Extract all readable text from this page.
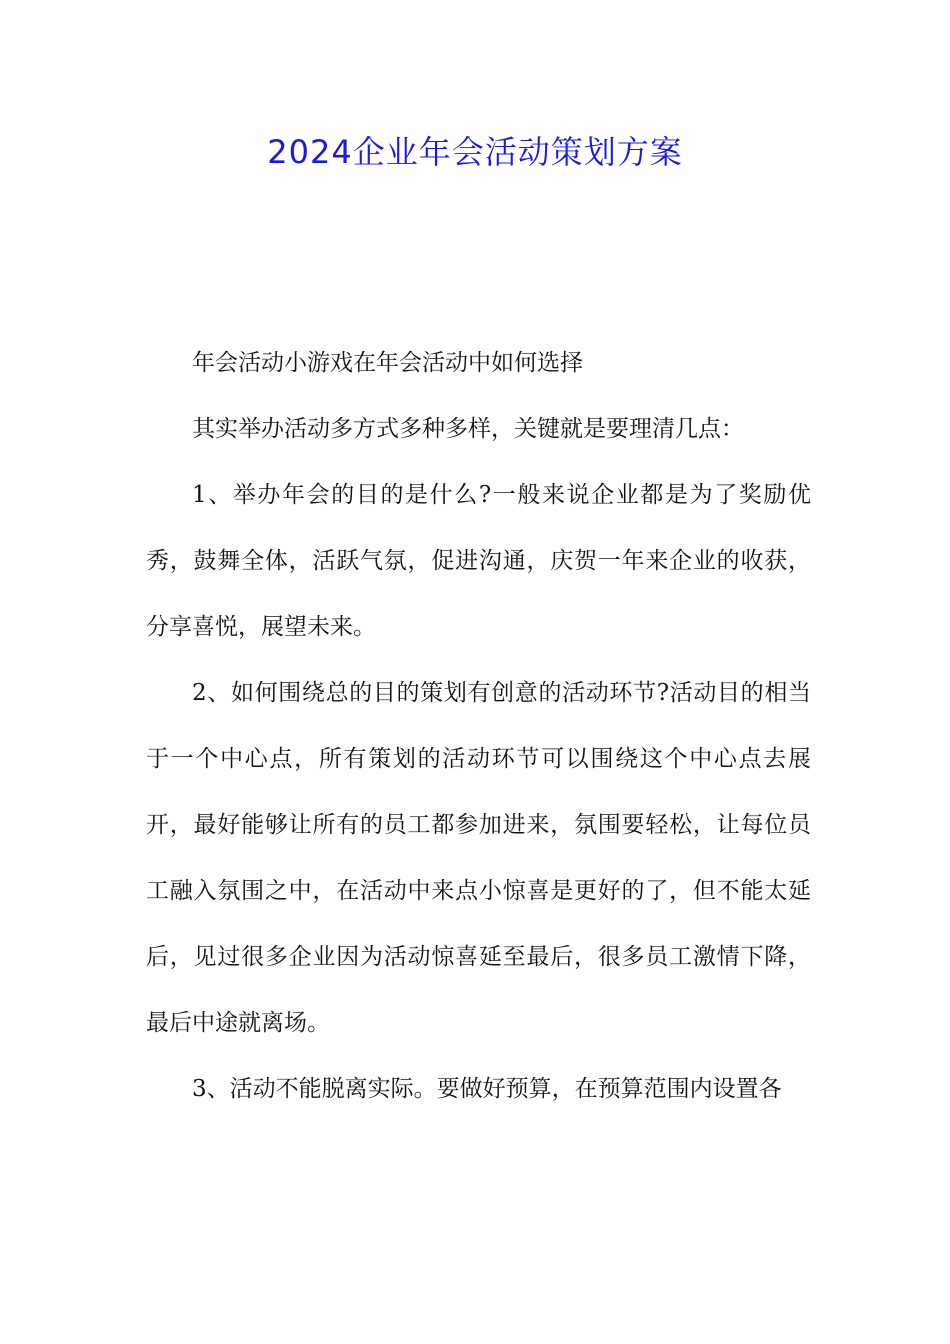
2024企业年会活动策划方案

年会活动小游戏在年会活动中如何选择

其实举办活动多方式多种多样，关键就是要理清几点：

1、举办年会的目的是什么?一般来说企业都是为了奖励优秀，鼓舞全体，活跃气氛，促进沟通，庆贺一年来企业的收获，分享喜悦，展望未来。

2、如何围绕总的目的策划有创意的活动环节?活动目的相当于一个中心点，所有策划的活动环节可以围绕这个中心点去展开，最好能够让所有的员工都参加进来，氛围要轻松，让每位员工融入氛围之中，在活动中来点小惊喜是更好的了，但不能太延后，见过很多企业因为活动惊喜延至最后，很多员工激情下降，最后中途就离场。

3、活动不能脱离实际。要做好预算，在预算范围内设置各
